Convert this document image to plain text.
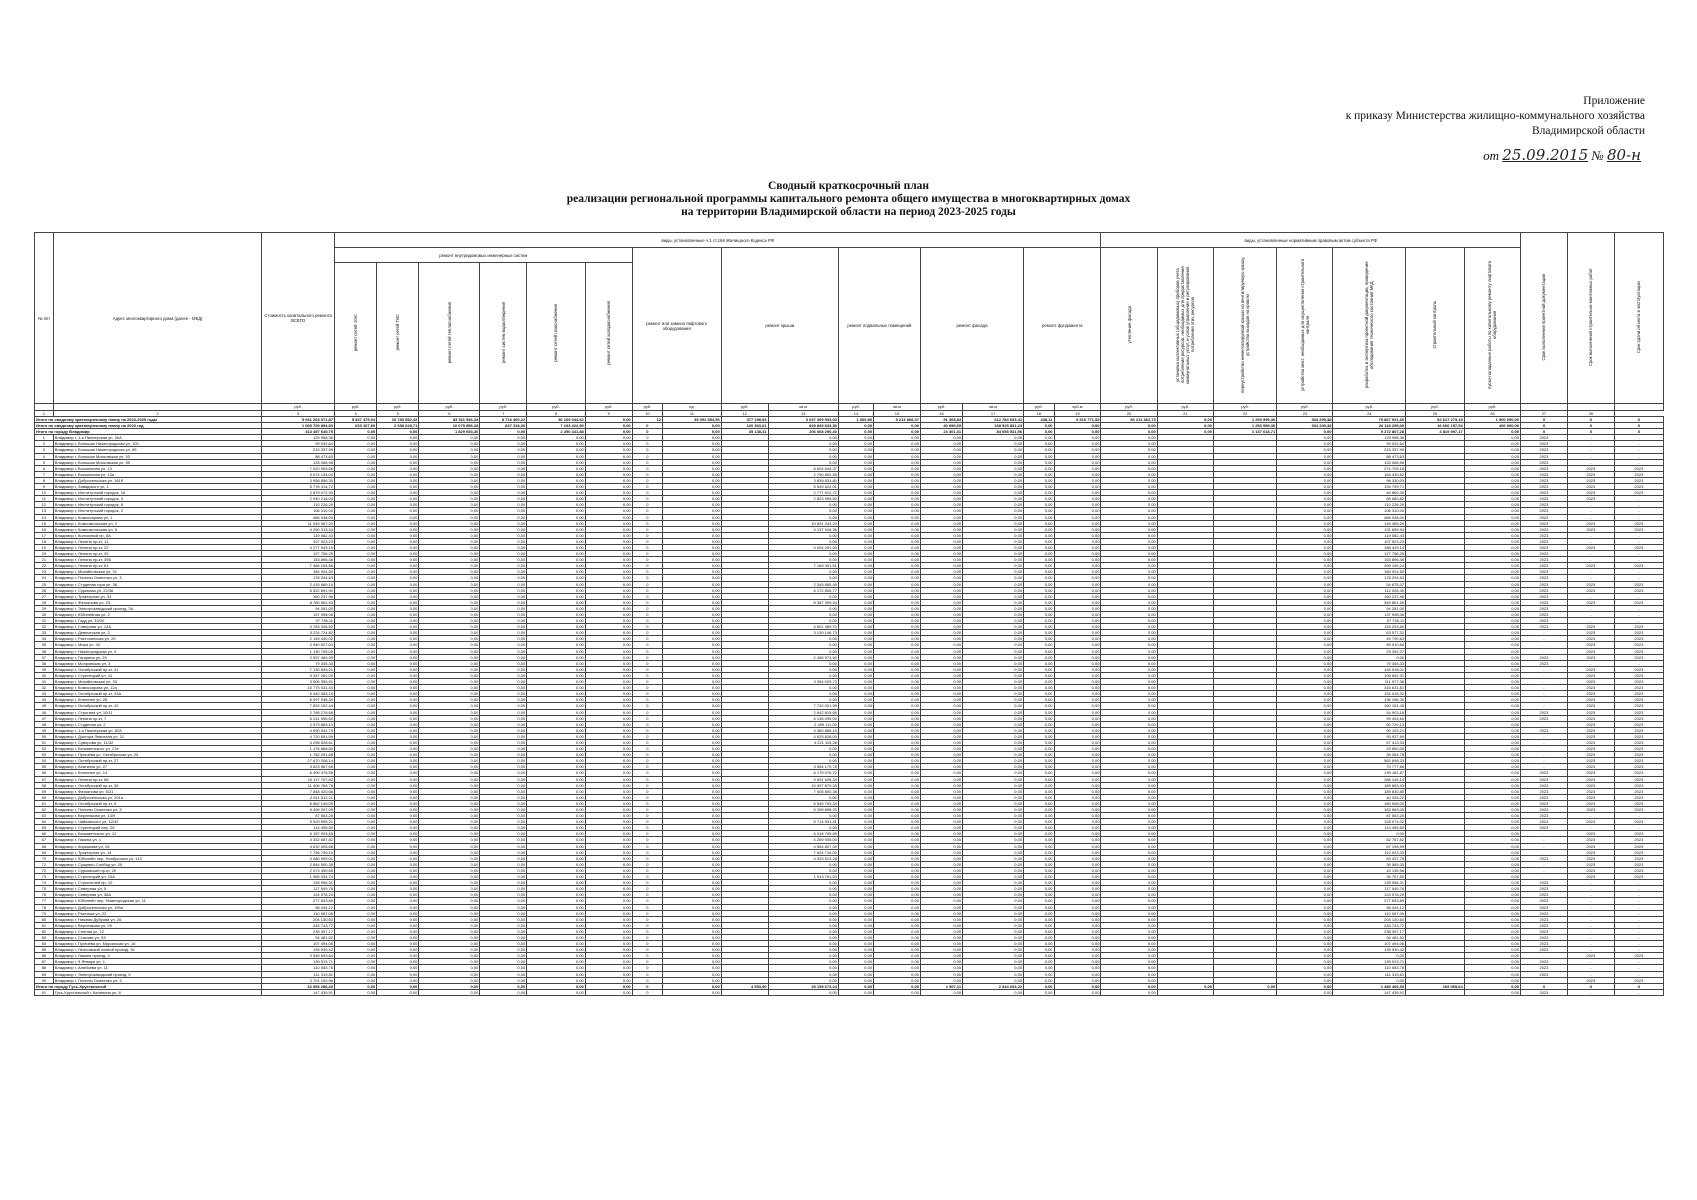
Приложение
к приказу Министерства жилищно-коммунального хозяйства
Владимирской области
от 25.09.2015 № 80-н
Сводный краткосрочный план
реализации региональной программы капитального ремонта общего имущества в многоквартирных домах
на территории Владимирской области на период 2023-2025 годы
№ п/п	Адрес многоквартирного дома (далее - МКД)	Стоимость капитального ремонта ВСЕГО	виды, установленные ч.1 ст.166 Жилищного Кодекса РФ																виды, установленные нормативным правовым актом субъекта РФ							Срок выполнения проектной документации	Срок выполнения строительно-монтажных работ	Срок сдачи объекта в эксплуатацию
			ремонт внутридомовых инженерных систем						ремонт или замена лифтового оборудования		ремонт крыши		ремонт подвальных помещений		ремонт фасада		ремонт фундамента		утепление фасада	установка коллективных (общедомовых) приборов учета потребления ресурсов, необходимых для предоставления коммунальных услуг, и узлов управления и регулирования потребления этих ресурсов	переустройство невентилируемой крыши на вентилируемую крышу, устройство выходов на кровлю	устройство мест, необходимых для осуществления строительного контроля	разработка и экспертиза проектной документации, проведение обследования технического состояния МКД	строительный контроль	пуско-наладочные работы по капитальному ремонту лифтового оборудования			
			ремонт сетей ЭЭС	ремонт сетей ТВС	ремонт сетей теплоснабжения	ремонт систем водоотведения	ремонт сетей газоснабжения	ремонт сетей холодоснабжения																				
		руб.	руб.	руб.	руб.	руб.	руб.	руб.	руб.	ед.	руб.	кв.м	руб.	кв.м	руб.	кв.м	руб.	куб.м	руб.	руб.	руб.	руб.	руб.	руб.	руб.			
1	2	3	4	5	6	7	8	9	10	11	12	13	14	15	16	17	18	19	20	21	22	23	24	25	26	27	28	
Итого по сводному краткосрочному плану на 2023-2025 годы		5 941 203 071,87	5 347 475,04	10 783 552,42	83 511 546,34	8 716 400,22	36 169 344,62	0,00	12	35 092 854,56	377 198,83	3 037 309 933,03	1 669,80	5 213 808,37	91 368,84	212 784 033,41	438,11	6 516 771,53	66 211 362,73	0,00	1 253 999,36	334 209,38	79 867 921,60	52 617 273,15	1 900 000,00	X	X	X
Итого по сводному краткосрочному плану на 2023 год		1 065 709 894,93	633 107,60	2 658 028,71	10 075 856,28	847 318,00	7 193 422,50	0,00	0	0,00	120 363,61	829 849 633,36	0,00	0,00	40 996,65	168 925 831,23	0,00	0,00	0,00	0,00	1 253 999,36	334 209,38	26 118 295,00	16 666 157,54	400 000,00	X	X	X
Итого по городу Владимир		313 497 649,75	0,00	0,00	1 829 653,30	0,00	2 250 441,88	0,00	0	0,00	35 138,31	206 068 290,40	0,00	0,00	24 301,31	84 058 531,96	0,00	0,00	0,00	0,00	1 137 018,71	0,00	9 272 807,28	4 819 997,17	0,00	X	X	X
1	Владимир г, 1-я Пионерская ул, 26А	129 958,36	0,00	0,00	0,00	0,00	0,00	0,00	0	0,00		0,00	0,00	0,00	0,00	0,00	0,00	0,00	0,00			0,00	129 958,36		0,00	2023	-	-
2	Владимир г, Большая Нижегородская ул, 100	99 032,64	0,00	0,00	0,00	0,00	0,00	0,00	0	0,00		0,00	0,00	0,00	0,00	0,00	0,00	0,00	0,00			0,00	99 032,64		0,00	2023	-	-
3	Владимир г, Большая Нижегородская ул, 89	215 337,99	0,00	0,00	0,00	0,00	0,00	0,00	0	0,00		0,00	0,00	0,00	0,00	0,00	0,00	0,00	0,00			0,00	215 337,99		0,00	2023	-	-
4	Владимир г, Большая Московская ул, 53	88 473,63	0,00	0,00	0,00	0,00	0,00	0,00	0	0,00		0,00	0,00	0,00	0,00	0,00	0,00	0,00	0,00			0,00	88 473,63		0,00	2023	-	-
5	Владимир г, Большая Московская ул, 55	133 068,98	0,00	0,00	0,00	0,00	0,00	0,00	0	0,00		0,00	0,00	0,00	0,00	0,00	0,00	0,00	0,00			0,00	133 068,98		0,00	2023	-	-
6	Владимир г, Вокзальная ул, 13	7 020 953,66	0,00	0,00	0,00	0,00	0,00	0,00	0	0,00		6 604 644,37	0,00	0,00	0,00	0,00	0,00	0,00	0,00			0,00	274 709,18		0,00	2023	2023	2023
7	Владимир г, Вокзальная ул, 13а	3 074 134,04	0,00	0,00	0,00	0,00	0,00	0,00	0	0,00		2 790 892,55	0,00	0,00	0,00	0,00	0,00	0,00	0,00			0,00	164 430,62		0,00	2023	2023	2023
8	Владимир г, Добросельская ул, 161б	3 958 858,35	0,00	0,00	0,00	0,00	0,00	0,00	0	0,00		3 839 831,80	0,00	0,00	0,00	0,00	0,00	0,00	0,00			0,00	96 330,03		0,00	2023	2023	2023
9	Владимир г, Завадского ул, 1	5 778 314,72	0,00	0,00	0,00	0,00	0,00	0,00	0	0,00		5 549 622,01	0,00	0,00	0,00	0,00	0,00	0,00	0,00			0,00	194 799,71		0,00	2023	2023	2023
10	Владимир г, Институтский городок, 16	2 879 072,93	0,00	0,00	0,00	0,00	0,00	0,00	0	0,00		2 777 912,72	0,00	0,00	0,00	0,00	0,00	0,00	0,00			0,00	84 869,39		0,00	2023	2023	2023
11	Владимир г, Институтский городок, 3	2 940 218,03	0,00	0,00	0,00	0,00	0,00	0,00	0	0,00		2 823 959,50	0,00	0,00	0,00	0,00	0,00	0,00	0,00			0,00	85 680,82		0,00	2023	2023	-
12	Владимир г, Институтский городок, 8	110 226,29	0,00	0,00	0,00	0,00	0,00	0,00	0	0,00		0,00	0,00	0,00	0,00	0,00	0,00	0,00	0,00			0,00	110 226,29		0,00	2023	-	-
13	Владимир г, Институтский городок, 2	106 310,00	0,00	0,00	0,00	0,00	0,00	0,00	0	0,00		0,00	0,00	0,00	0,00	0,00	0,00	0,00	0,00			0,00	106 310,00		0,00	2023	-	-
14	Владимир г, Комиссарова ул, 1	466 938,00	0,00	0,00	0,00	0,00	0,00	0,00	0	0,00		0,00	0,00	0,00	0,00	0,00	0,00	0,00	0,00			0,00	466 938,00		0,00	2023	-	-
15	Владимир г, Комсомольская ул, 2	11 049 067,23	0,00	0,00	0,00	0,00	0,00	0,00	0	0,00		10 831 243,23	0,00	0,00	0,00	0,00	0,00	0,00	0,00			0,00	149 465,29		0,00	2023	2023	2023
16	Владимир г, Комсомольская ул, 5	4 290 313,34	0,00	0,00	0,00	0,00	0,00	0,00	0	0,00		4 137 918,36	0,00	0,00	0,00	0,00	0,00	0,00	0,00			0,00	131 659,94		0,00	2023	2023	2023
17	Владимир г, Колхозный пр, 5А	119 082,43	0,00	0,00	0,00	0,00	0,00	0,00	0	0,00		0,00	0,00	0,00	0,00	0,00	0,00	0,00	0,00			0,00	119 082,43		0,00	2023	-	-
18	Владимир г, Ленина пр-кт, 11	107 923,23	0,00	0,00	0,00	0,00	0,00	0,00	0	0,00		0,00	0,00	0,00	0,00	0,00	0,00	0,00	0,00			0,00	107 923,23		0,00	2023	-	-
19	Владимир г, Ленина пр-кт, 22	4 277 943,15	0,00	0,00	0,00	0,00	0,00	0,00	0	0,00		4 004 291,00	0,00	0,00	0,00	0,00	0,00	0,00	0,00			0,00	188 429,14		0,00	2023	2023	2023
20	Владимир г, Ленина пр-кт, 39	127 756,25	0,00	0,00	0,00	0,00	0,00	0,00	0	0,00		0,00	0,00	0,00	0,00	0,00	0,00	0,00	0,00			0,00	127 756,25		0,00	2023	-	-
21	Владимир г, Ленина пр-кт, 39Б	153 896,46	0,00	0,00	0,00	0,00	0,00	0,00	0	0,00		0,00	0,00	0,00	0,00	0,00	0,00	0,00	0,00			0,00	153 896,46		0,00	2023	-	-
22	Владимир г, Ленина пр-кт, 61	7 486 154,86	0,00	0,00	0,00	0,00	0,00	0,00	0	0,00		7 169 491,61	0,00	0,00	0,00	0,00	0,00	0,00	0,00			0,00	269 199,24		0,00	2023	2023	2023
23	Владимир г, Михайловская ул, 31	184 924,50	0,00	0,00	0,00	0,00	0,00	0,00	0	0,00		0,00	0,00	0,00	0,00	0,00	0,00	0,00	0,00			0,00	184 924,50		0,00	2023	-	-
24	Владимир г, Полины Осипенко ул, 3	178 294,63	0,00	0,00	0,00	0,00	0,00	0,00	0	0,00		0,00	0,00	0,00	0,00	0,00	0,00	0,00	0,00			0,00	178 294,63		0,00	2023	-	-
25	Владимир г, Студеная гора ул, 36	2 415 689,15	0,00	0,00	0,00	0,00	0,00	0,00	0	0,00		2 345 855,49	0,00	0,00	0,00	0,00	0,00	0,00	0,00			0,00	54 675,37		0,00	2023	2023	2023
26	Владимир г, Сурикова ул, 22/36	6 322 691,90	0,00	0,00	0,00	0,00	0,00	0,00	0	0,00		6 172 805,77	0,00	0,00	0,00	0,00	0,00	0,00	0,00			0,00	112 026,40		0,00	2023	2023	2023
27	Владимир г, Тракторная ул, 33	160 237,96	0,00	0,00	0,00	0,00	0,00	0,00	0	0,00		0,00	0,00	0,00	0,00	0,00	0,00	0,00	0,00			0,00	160 237,96		0,00	2023	-	-
28	Владимир г, Фатьянова ул, 23	8 780 962,53	0,00	0,00	0,00	0,00	0,00	0,00	0	0,00		8 387 309,94	0,00	0,00	0,00	0,00	0,00	0,00	0,00			0,00	349 861,55		0,00	2023	2023	2023
29	Владимир г, Электрозаводский проезд, 3А	94 281,00	0,00	0,00	0,00	0,00	0,00	0,00	0	0,00		0,00	0,00	0,00	0,00	0,00	0,00	0,00	0,00			0,00	94 281,00		0,00	2023	-	-
30	Владимир г, Юбилейная ул, 2	137 998,06	0,00	0,00	0,00	0,00	0,00	0,00	0	0,00		0,00	0,00	0,00	0,00	0,00	0,00	0,00	0,00			0,00	137 998,06		0,00	2023	-	-
31	Владимир г, Годд ул, 10/20	97 736,11	0,00	0,00	0,00	0,00	0,00	0,00	0	0,00		0,00	0,00	0,00	0,00	0,00	0,00	0,00	0,00			0,00	97 736,11		0,00	2023	-	-
32	Владимир г, Северная ул, 13А	4 783 326,52	0,00	0,00	0,00	0,00	0,00	0,00	0	0,00		4 601 469,70	0,00	0,00	0,00	0,00	0,00	0,00	0,00			0,00	153 293,80		0,00	2023	2023	2023
33	Владимир г, Девическая ул, 3	3 224 724,82	0,00	0,00	0,00	0,00	0,00	0,00	0	0,00		3 139 146,73	0,00	0,00	0,00	0,00	0,00	0,00	0,00			0,00	63 577,31		0,00	-	2023	2023
34	Владимир г, Расточинская ул, 29	2 149 430,02	0,00	0,00	0,00	0,00	0,00	0,00	0	0,00		0,00	0,00	0,00	0,00	0,00	0,00	0,00	0,00			0,00	49 790,63		0,00	-	2023	2023
35	Владимир г, Мира ул, 42	2 940 627,03	0,00	0,00	0,00	0,00	0,00	0,00	0	0,00		0,00	0,00	0,00	0,00	0,00	0,00	0,00	0,00			0,00	59 910,84		0,00	-	2023	2023
36	Владимир г, Нижегородская ул, 9	1 130 705,05	0,00	0,00	0,00	0,00	0,00	0,00	0	0,00		0,00	0,00	0,00	0,00	0,00	0,00	0,00	0,00			0,00	23 392,27		0,00	-	2023	2023
37	Владимир г, Гагарина ул, 29	2 597 469,95	0,00	0,00	0,00	0,00	0,00	0,00	0	0,00		2 458 973,50	0,00	0,00	0,00	0,00	0,00	0,00	0,00			0,00	0,00		0,00	2023	2023	2023
38	Владимир г, Мопровская ул, 3	79 345,33	0,00	0,00	0,00	0,00	0,00	0,00	0	0,00		0,00	0,00	0,00	0,00	0,00	0,00	0,00	0,00			0,00	79 345,33		0,00	2023	-	-
39	Владимир г, Октябрьский пр-кт, 41	7 130 839,21	0,00	0,00	0,00	0,00	0,00	0,00	0	0,00		0,00	0,00	0,00	0,00	0,00	0,00	0,00	0,00			0,00	145 018,01		0,00	-	2023	2023
40	Владимир г, Стрелецкий ул, 41	5 347 261,00	0,00	0,00	0,00	0,00	0,00	0,00	0	0,00		0,00	0,00	0,00	0,00	0,00	0,00	0,00	0,00			0,00	108 652,31		0,00	-	2023	2023
41	Владимир г, Михайловская ул, 33	3 506 350,91	0,00	0,00	0,00	0,00	0,00	0,00	0	0,00		3 394 029,73	0,00	0,00	0,00	0,00	0,00	0,00	0,00			0,00	111 977,38		0,00	-	2023	2023
42	Владимир г, Комиссарова ул, 12а	15 775 031,44	0,00	0,00	0,00	0,00	0,00	0,00	0	0,00		0,00	0,00	0,00	0,00	0,00	0,00	0,00	0,00			0,00	316 631,81		0,00	-	2023	2023
43	Владимир г, Октябрьский пр-кт, 43А	6 442 083,15	0,00	0,00	0,00	0,00	0,00	0,00	0	0,00		0,00	0,00	0,00	0,00	0,00	0,00	0,00	0,00			0,00	131 015,32		0,00	-	2023	2023
44	Владимир г, Княгинин ул, 28	6 097 938,30	0,00	0,00	0,00	0,00	0,00	0,00	0	0,00		0,00	0,00	0,00	0,00	0,00	0,00	0,00	0,00			0,00	136 156,30		0,00	-	2023	2023
45	Владимир г, Октябрьский пр-кт, 42	7 892 152,44	0,00	0,00	0,00	0,00	0,00	0,00	0	0,00		7 732 001,99	0,00	0,00	0,00	0,00	0,00	0,00	0,00			0,00	160 151,45		0,00	-	2023	2023
46	Владимир г, Строгина ул, 10/11	2 768 276,68	0,00	0,00	0,00	0,00	0,00	0,00	0	0,00		2 642 815,65	0,00	0,00	0,00	0,00	0,00	0,00	0,00			0,00	54 903,18		0,00	2023	2023	2023
47	Владимир г, Ленина пр-кт, 7	6 241 955,60	0,00	0,00	0,00	0,00	0,00	0,00	0	0,00		6 136 099,00	0,00	0,00	0,00	0,00	0,00	0,00	0,00			0,00	99 404,60		0,00	2023	2023	2023
48	Владимир г, Студеная ул, 2	2 573 883,13	0,00	0,00	0,00	0,00	0,00	0,00	0	0,00		2 495 111,00	0,00	0,00	0,00	0,00	0,00	0,00	0,00			0,00	50 729,13		0,00	-	2023	2023
49	Владимир г, 1-я Пионерская ул, 82А	4 590 542,79	0,00	0,00	0,00	0,00	0,00	0,00	0	0,00		4 360 885,15	0,00	0,00	0,00	0,00	0,00	0,00	0,00			0,00	90 103,21		0,00	2023	2023	2023
50	Владимир г, Доктора Левитана ул, 31	4 720 651,99	0,00	0,00	0,00	0,00	0,00	0,00	0	0,00		4 625 828,00	0,00	0,00	0,00	0,00	0,00	0,00	0,00			0,00	93 937,99		0,00	-	2023	2023
51	Владимир г, Суворова ул, 11/32	4 298 528,61	0,00	0,00	0,00	0,00	0,00	0,00	0	0,00		4 221 115,28	0,00	0,00	0,00	0,00	0,00	0,00	0,00			0,00	67 413,33		0,00	-	2023	2023
52	Владимир г, Безыменского ул, 17а	1 176 868,80	0,00	0,00	0,00	0,00	0,00	0,00	0	0,00		0,00	0,00	0,00	0,00	0,00	0,00	0,00	0,00			0,00	29 850,09		0,00	-	2023	2023
53	Владимир г, Пугачёва ул, Октябрьская ул, 25	1 782 291,68	0,00	0,00	0,00	0,00	0,00	0,00	0	0,00		0,00	0,00	0,00	0,00	0,00	0,00	0,00	0,00			0,00	36 264,78		0,00	-	2023	2023
54	Владимир г, Октябрьский пр-кт, 27	27 670 208,14	0,00	0,00	0,00	0,00	0,00	0,00	0	0,00		0,00	0,00	0,00	0,00	0,00	0,00	0,00	0,00			0,00	562 698,33		0,00	-	2023	2023
55	Владимир г, Асаткина ул, 27	3 623 967,65	0,00	0,00	0,00	0,00	0,00	0,00	0	0,00		3 554 179,78	0,00	0,00	0,00	0,00	0,00	0,00	0,00			0,00	73 777,66		0,00	-	2023	2023
56	Владимир г, Княгинин ул, 14	6 490 475,55	0,00	0,00	0,00	0,00	0,00	0,00	0	0,00		6 179 076,72	0,00	0,00	0,00	0,00	0,00	0,00	0,00			0,00	139 181,87		0,00	2023	2023	2023
57	Владимир г, Ленина пр-кт, 68	10 117 707,82	0,00	0,00	0,00	0,00	0,00	0,00	0	0,00		9 631 626,34	0,00	0,00	0,00	0,00	0,00	0,00	0,00			0,00	286 145,14		0,00	2023	2023	2023
58	Владимир г, Октябрьский пр-кт, 38	11 406 766,78	0,00	0,00	0,00	0,00	0,00	0,00	0	0,00		10 997 879,33	0,00	0,00	0,00	0,00	0,00	0,00	0,00			0,00	189 863,93		0,00	2023	2023	2023
59	Владимир г, Фатьянова ул, 6/21	7 848 420,68	0,00	0,00	0,00	0,00	0,00	0,00	0	0,00		7 508 800,38	0,00	0,00	0,00	0,00	0,00	0,00	0,00			0,00	189 630,80		0,00	2023	2023	2023
60	Владимир г, Добросельская ул, 201а	2 611 512,21	0,00	0,00	0,00	0,00	0,00	0,00	0	0,00		0,00	0,00	0,00	0,00	0,00	0,00	0,00	0,00			0,00	40 326,22		0,00	2023	2023	2023
61	Владимир г, Октябрьский пр-кт, 5	6 862 149,09	0,00	0,00	0,00	0,00	0,00	0,00	0	0,00		6 545 793,34	0,00	0,00	0,00	0,00	0,00	0,00	0,00			0,00	180 508,00		0,00	2023	2023	2023
62	Владимир г, Полины Осипенко ул, 3	5 499 207,09	0,00	0,00	0,00	0,00	0,00	0,00	0	0,00		5 259 898,33	0,00	0,00	0,00	0,00	0,00	0,00	0,00			0,00	163 663,05		0,00	2023	2023	2023
63	Владимир г, Верхнякова ул, 13/9	87 563,25	0,00	0,00	0,00	0,00	0,00	0,00	0	0,00		0,00	0,00	0,00	0,00	0,00	0,00	0,00	0,00			0,00	87 563,25		0,00	2023	-	-
64	Владимир г, Чайковского ул, 12/32	5 920 599,21	0,00	0,00	0,00	0,00	0,00	0,00	0	0,00		5 714 931,41	0,00	0,00	0,00	0,00	0,00	0,00	0,00			0,00	128 074,02		0,00	2024	2024	2024
65	Владимир г, Стрелецкий пер, 26	114 455,50	0,00	0,00	0,00	0,00	0,00	0,00	0	0,00		0,00	0,00	0,00	0,00	0,00	0,00	0,00	0,00			0,00	114 455,50		0,00	2023	-	-
66	Владимир г, Безыменского ул, 12	6 157 003,65	0,00	0,00	0,00	0,00	0,00	0,00	0	0,00		6 018 795,89	0,00	0,00	0,00	0,00	0,00	0,00	0,00			0,00	0,00		0,00	-	2023	2023
67	Владимир г, Лакина ул, 1	4 332 687,82	0,00	0,00	0,00	0,00	0,00	0,00	0	0,00		4 269 935,00	0,00	0,00	0,00	0,00	0,00	0,00	0,00			0,00	62 767,82		0,00	-	2023	2023
68	Владимир г, Кирьякова ул, 26	4 632 005,66	0,00	0,00	0,00	0,00	0,00	0,00	0	0,00		4 564 807,00	0,00	0,00	0,00	0,00	0,00	0,00	0,00			0,00	67 198,99		0,00	-	2023	2023
69	Владимир г, Тракторная ул, 14	7 736 739,10	0,00	0,00	0,00	0,00	0,00	0,00	0	0,00		7 624 716,00	0,00	0,00	0,00	0,00	0,00	0,00	0,00			0,00	112 023,33		0,00	-	2023	2023
70	Владимир г, Юбилейн пер, Ноябрьская ул, 113	4 480 599,01	0,00	0,00	0,00	0,00	0,00	0,00	0	0,00		4 329 513,28	0,00	0,00	0,00	0,00	0,00	0,00	0,00			0,00	63 437,76		0,00	2023	2023	2023
71	Владимир г, Сущевко-Слобод ул, 25	2 844 500,35	0,00	0,00	0,00	0,00	0,00	0,00	0	0,00		0,00	0,00	0,00	0,00	0,00	0,00	0,00	0,00			0,00	35 589,33		0,00	-	2023	2023
72	Владимир г, Сурковский пр-кт, 20	2 073 359,65	0,00	0,00	0,00	0,00	0,00	0,00	0	0,00		0,00	0,00	0,00	0,00	0,00	0,00	0,00	0,00			0,00	43 135,96		0,00	-	2023	2023
73	Владимир г, Стрелецкий ул, 10А	1 985 334,74	0,00	0,00	0,00	0,00	0,00	0,00	0	0,00		1 913 761,63	0,00	0,00	0,00	0,00	0,00	0,00	0,00			0,00	39 767,50		0,00	-	2023	2023
74	Владимир г, Строителей пр, 10	139 956,31	0,00	0,00	0,00	0,00	0,00	0,00	0	0,00		0,00	0,00	0,00	0,00	0,00	0,00	0,00	0,00			0,00	139 956,31		0,00	2023	-	-
75	Владимир г, Северная ул, 5	117 549,76	0,00	0,00	0,00	0,00	0,00	0,00	0	0,00		0,00	0,00	0,00	0,00	0,00	0,00	0,00	0,00			0,00	117 549,76		0,00	2023	-	-
76	Владимир г, Северная ул, 36А	124 578,20	0,00	0,00	0,00	0,00	0,00	0,00	0	0,00		0,00	0,00	0,00	0,00	0,00	0,00	0,00	0,00			0,00	124 578,20		0,00	2023	-	-
77	Владимир г, Юбилейн пер, Нижегородская ул, 11	277 833,89	0,00	0,00	0,00	0,00	0,00	0,00	0	0,00		0,00	0,00	0,00	0,00	0,00	0,00	0,00	0,00			0,00	277 833,89		0,00	2023	-	-
78	Владимир г, Добросельская ул, 199а	98 444,12	0,00	0,00	0,00	0,00	0,00	0,00	0	0,00		0,00	0,00	0,00	0,00	0,00	0,00	0,00	0,00			0,00	98 444,12		0,00	2023	-	-
79	Владимир г, Растиша ул, 22	110 067,06	0,00	0,00	0,00	0,00	0,00	0,00	0	0,00		0,00	0,00	0,00	0,00	0,00	0,00	0,00	0,00			0,00	110 067,06		0,00	2023	-	-
80	Владимир г, Нижняя Дуброва ул, 26	204 130,60	0,00	0,00	0,00	0,00	0,00	0,00	0	0,00		0,00	0,00	0,00	0,00	0,00	0,00	0,00	0,00			0,00	204 130,60		0,00	2023	-	-
81	Владимир г, Верхнякова ул, 29	245 743,72	0,00	0,00	0,00	0,00	0,00	0,00	0	0,00		0,00	0,00	0,00	0,00	0,00	0,00	0,00	0,00			0,00	245 743,72		0,00	2023	-	-
82	Владимир г, Сенная ул, 12	238 397,17	0,00	0,00	0,00	0,00	0,00	0,00	0	0,00		0,00	0,00	0,00	0,00	0,00	0,00	0,00	0,00			0,00	238 397,17		0,00	2023	-	-
83	Владимир г, Стасова ул, 53	94 481,52	0,00	0,00	0,00	0,00	0,00	0,00	0	0,00		0,00	0,00	0,00	0,00	0,00	0,00	0,00	0,00			0,00	94 481,52		0,00	2023	-	-
84	Владимир г, Пугачёва ул, Муромская ул, 16	107 494,06	0,00	0,00	0,00	0,00	0,00	0,00	0	0,00		0,00	0,00	0,00	0,00	0,00	0,00	0,00	0,00			0,00	107 494,06		0,00	2023	-	-
85	Владимир г, Леоновский осевой проезд, 16	139 930,42	0,00	0,00	0,00	0,00	0,00	0,00	0	0,00		0,00	0,00	0,00	0,00	0,00	0,00	0,00	0,00			0,00	139 930,42		0,00	2023	-	-
86	Владимир г, Лакина проезд, 4	3 946 693,64	0,00	0,00	0,00	0,00	0,00	0,00	0	0,00		0,00	0,00	0,00	0,00	0,00	0,00	0,00	0,00			0,00	0,00		0,00	-	2023	2023
87	Владимир г, 9 Января ул, 1	139 513,71	0,00	0,00	0,00	0,00	0,00	0,00	0	0,00		0,00	0,00	0,00	0,00	0,00	0,00	0,00	0,00			0,00	139 513,71		0,00	2023	-	-
88	Владимир г, Алябьева ул, 11	110 083,78	0,00	0,00	0,00	0,00	0,00	0,00	0	0,00		0,00	0,00	0,00	0,00	0,00	0,00	0,00	0,00			0,00	110 083,78		0,00	2023	-	-
89	Владимир г, Электрозаводский проезд, 5	111 319,81	0,00	0,00	0,00	0,00	0,00	0,00	0	0,00		0,00	0,00	0,00	0,00	0,00	0,00	0,00	0,00			0,00	111 319,81		0,00	2023	-	-
90	Владимир г, Полины Осипенко ул, 3	3 701 152,96	0,00	0,00	0,00	0,00	0,00	0,00	0	0,00		0,00	0,00	0,00	0,00	0,00	0,00	0,00	0,00			0,00	0,00		0,00	-	2023	2023
Итого по городу Гусь-Хрустальный		32 993 286,40	0,00	0,00	0,00	0,00	0,00	0,00	0	0,00	4 553,90	25 159 673,24	0,00	0,00	1 507,11	2 344 033,22	0,00	0,00	0,00	0,00	0,00	0,00	1 480 466,53	169 065,64	0,00	X	X	X
91	Гусь-Хрустальный г, Калинина ул, 8	147 439,91	0,00	0,00	0,00	0,00	0,00	0,00	0	0,00		0,00	0,00	0,00	0,00	0,00	0,00	0,00	0,00			0,00	147 439,91		0,00	2023	-	-
